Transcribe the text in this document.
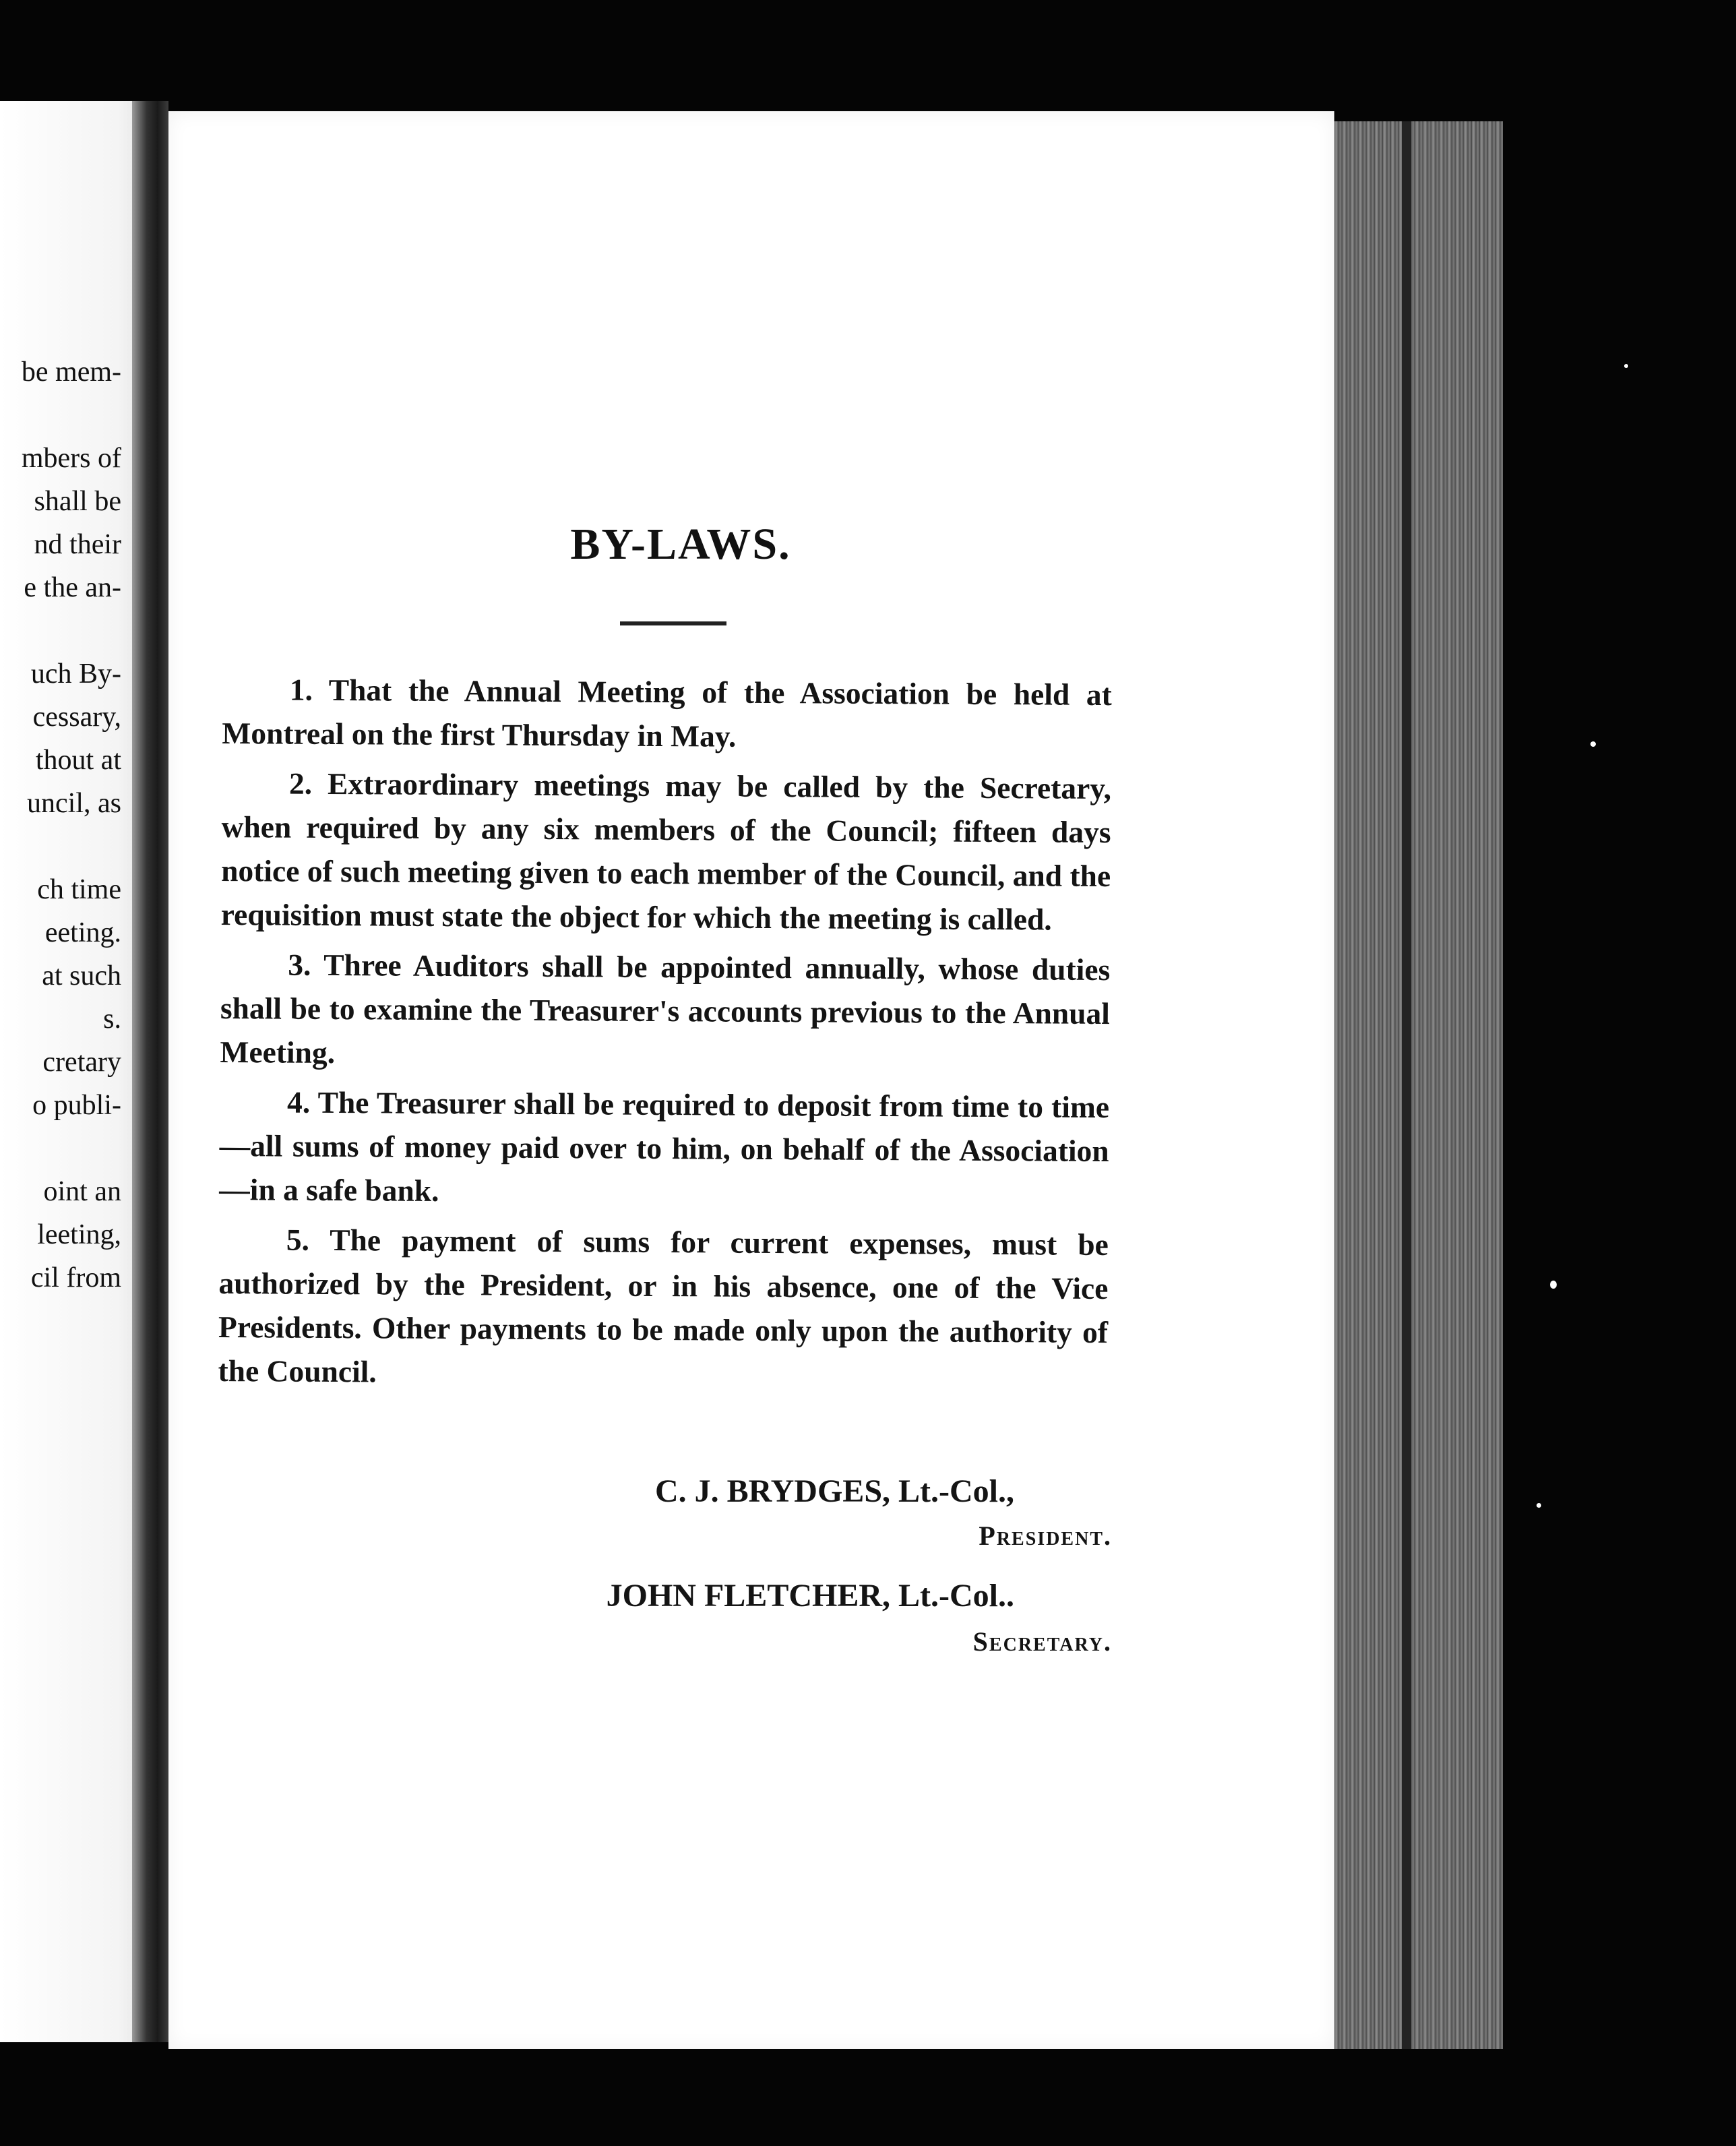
be mem-
mbers of
shall be
nd their
e the an-
uch By-
cessary,
thout at
uncil, as
ch time
eeting.
at such
s.
cretary
o publi-
oint an
leeting,
cil from
BY-LAWS.

1. That the Annual Meeting of the Association be held at Montreal on the first Thursday in May.

2. Extraordinary meetings may be called by the Secretary, when required by any six members of the Council; fifteen days notice of such meeting given to each member of the Council, and the requisition must state the object for which the meeting is called.

3. Three Auditors shall be appointed annually, whose duties shall be to examine the Treasurer's accounts previous to the Annual Meeting.

4. The Treasurer shall be required to deposit from time to time—all sums of money paid over to him, on behalf of the Association—in a safe bank.

5. The payment of sums for current expenses, must be authorized by the President, or in his absence, one of the Vice Presidents. Other payments to be made only upon the authority of the Council.

C. J. BRYDGES, Lt.-Col.,
President.
JOHN FLETCHER, Lt.-Col..
Secretary.
